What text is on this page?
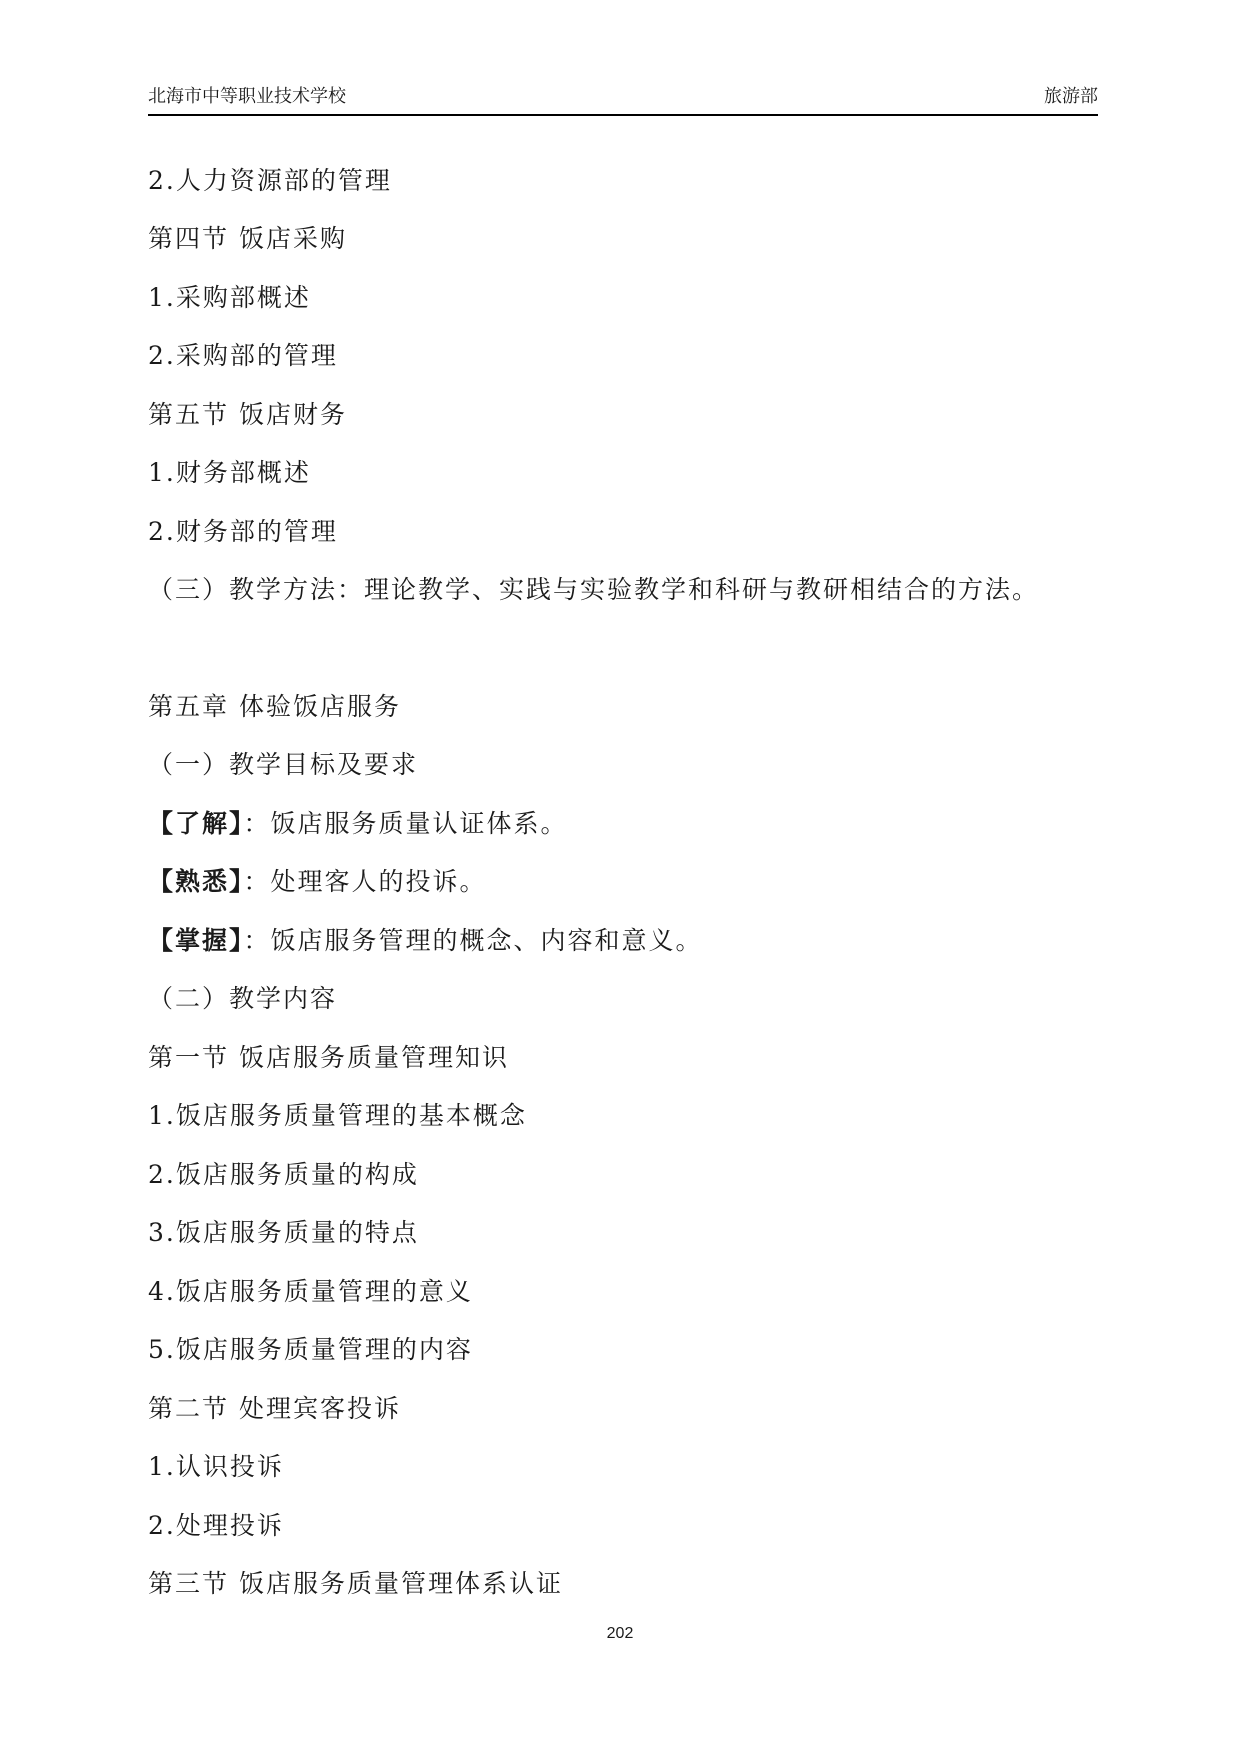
北海市中等职业技术学校	旅游部
2.人力资源部的管理
第四节 饭店采购
1.采购部概述
2.采购部的管理
第五节 饭店财务
1.财务部概述
2.财务部的管理
（三）教学方法：理论教学、实践与实验教学和科研与教研相结合的方法。
第五章 体验饭店服务
（一）教学目标及要求
【了解】：饭店服务质量认证体系。
【熟悉】：处理客人的投诉。
【掌握】：饭店服务管理的概念、内容和意义。
（二）教学内容
第一节 饭店服务质量管理知识
1.饭店服务质量管理的基本概念
2.饭店服务质量的构成
3.饭店服务质量的特点
4.饭店服务质量管理的意义
5.饭店服务质量管理的内容
第二节 处理宾客投诉
1.认识投诉
2.处理投诉
第三节 饭店服务质量管理体系认证
202
